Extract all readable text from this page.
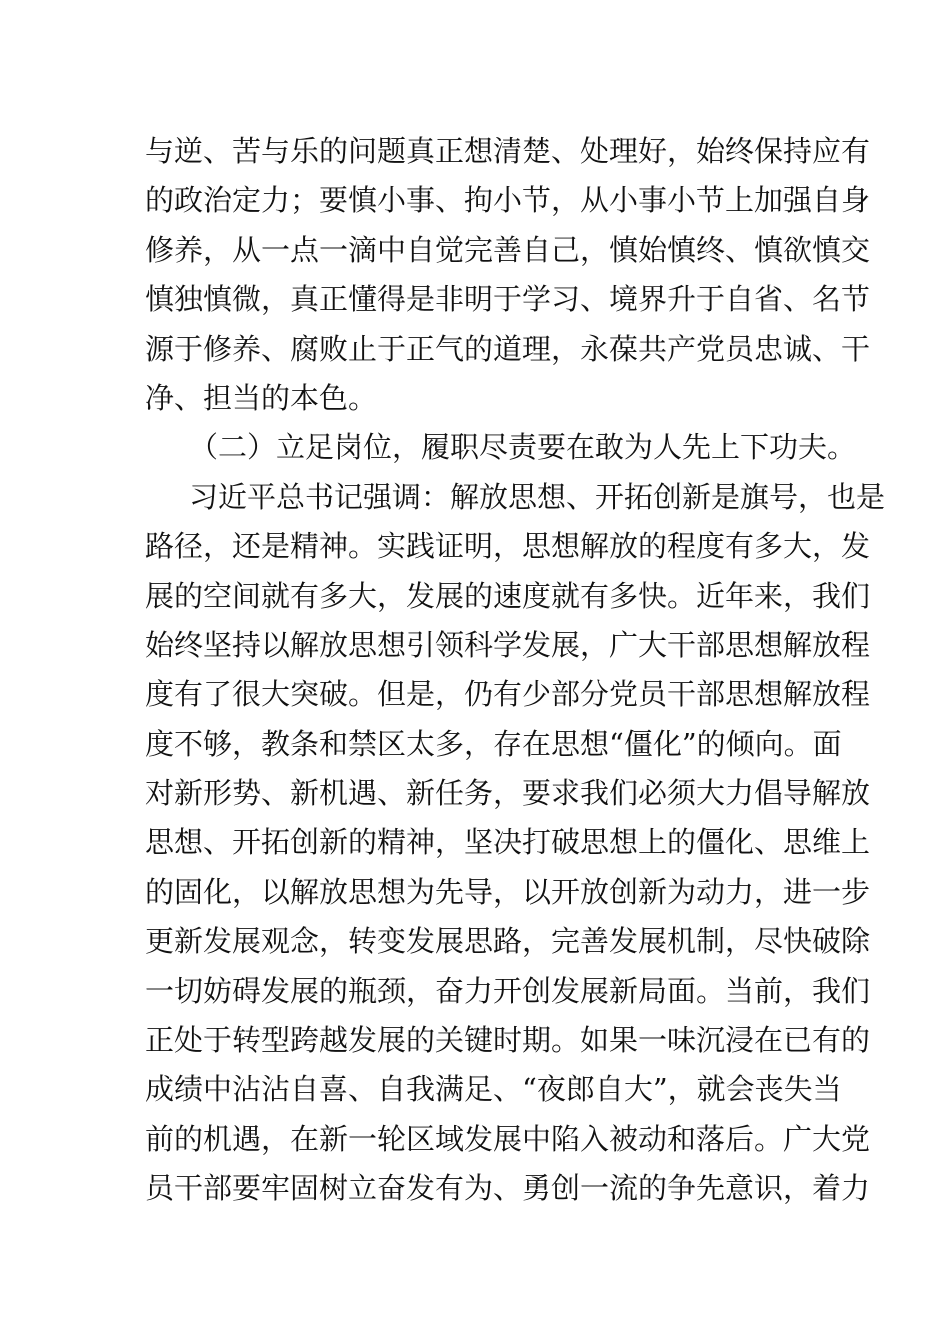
与逆、苦与乐的问题真正想清楚、处理好，始终保持应有
的政治定力；要慎小事、拘小节，从小事小节上加强自身
修养，从一点一滴中自觉完善自己，慎始慎终、慎欲慎交
慎独慎微，真正懂得是非明于学习、境界升于自省、名节
源于修养、腐败止于正气的道理，永葆共产党员忠诚、干
净、担当的本色。
（二）立足岗位，履职尽责要在敢为人先上下功夫。
习近平总书记强调：解放思想、开拓创新是旗号，也是
路径，还是精神。实践证明，思想解放的程度有多大，发
展的空间就有多大，发展的速度就有多快。近年来，我们
始终坚持以解放思想引领科学发展，广大干部思想解放程
度有了很大突破。但是，仍有少部分党员干部思想解放程
度不够，教条和禁区太多，存在思想“僵化”的倾向。面
对新形势、新机遇、新任务，要求我们必须大力倡导解放
思想、开拓创新的精神，坚决打破思想上的僵化、思维上
的固化，以解放思想为先导，以开放创新为动力，进一步
更新发展观念，转变发展思路，完善发展机制，尽快破除
一切妨碍发展的瓶颈，奋力开创发展新局面。当前，我们
正处于转型跨越发展的关键时期。如果一味沉浸在已有的
成绩中沾沾自喜、自我满足、“夜郎自大”，就会丧失当
前的机遇，在新一轮区域发展中陷入被动和落后。广大党
员干部要牢固树立奋发有为、勇创一流的争先意识，着力
